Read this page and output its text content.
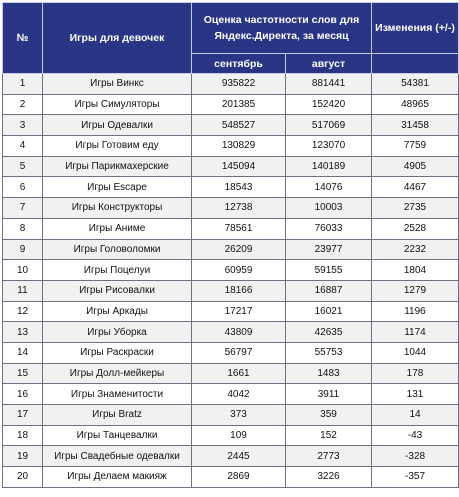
№	Игры для девочек	Оценка частотности слов для Яндекс.Директа, за месяц		Изменения (+/-)
		сентябрь	август	
1	Игры Винкс	935822	881441	54381
2	Игры Симуляторы	201385	152420	48965
3	Игры Одевалки	548527	517069	31458
4	Игры Готовим еду	130829	123070	7759
5	Игры Парикмахерские	145094	140189	4905
6	Игры Escape	18543	14076	4467
7	Игры Конструкторы	12738	10003	2735
8	Игры Аниме	78561	76033	2528
9	Игры Головоломки	26209	23977	2232
10	Игры Поцелуи	60959	59155	1804
11	Игры Рисовалки	18166	16887	1279
12	Игры Аркады	17217	16021	1196
13	Игры Уборка	43809	42635	1174
14	Игры Раскраски	56797	55753	1044
15	Игры Долл-мейкеры	1661	1483	178
16	Игры Знаменитости	4042	3911	131
17	Игры Bratz	373	359	14
18	Игры Танцевалки	109	152	-43
19	Игры Свадебные одевалки	2445	2773	-328
20	Игры Делаем макияж	2869	3226	-357
